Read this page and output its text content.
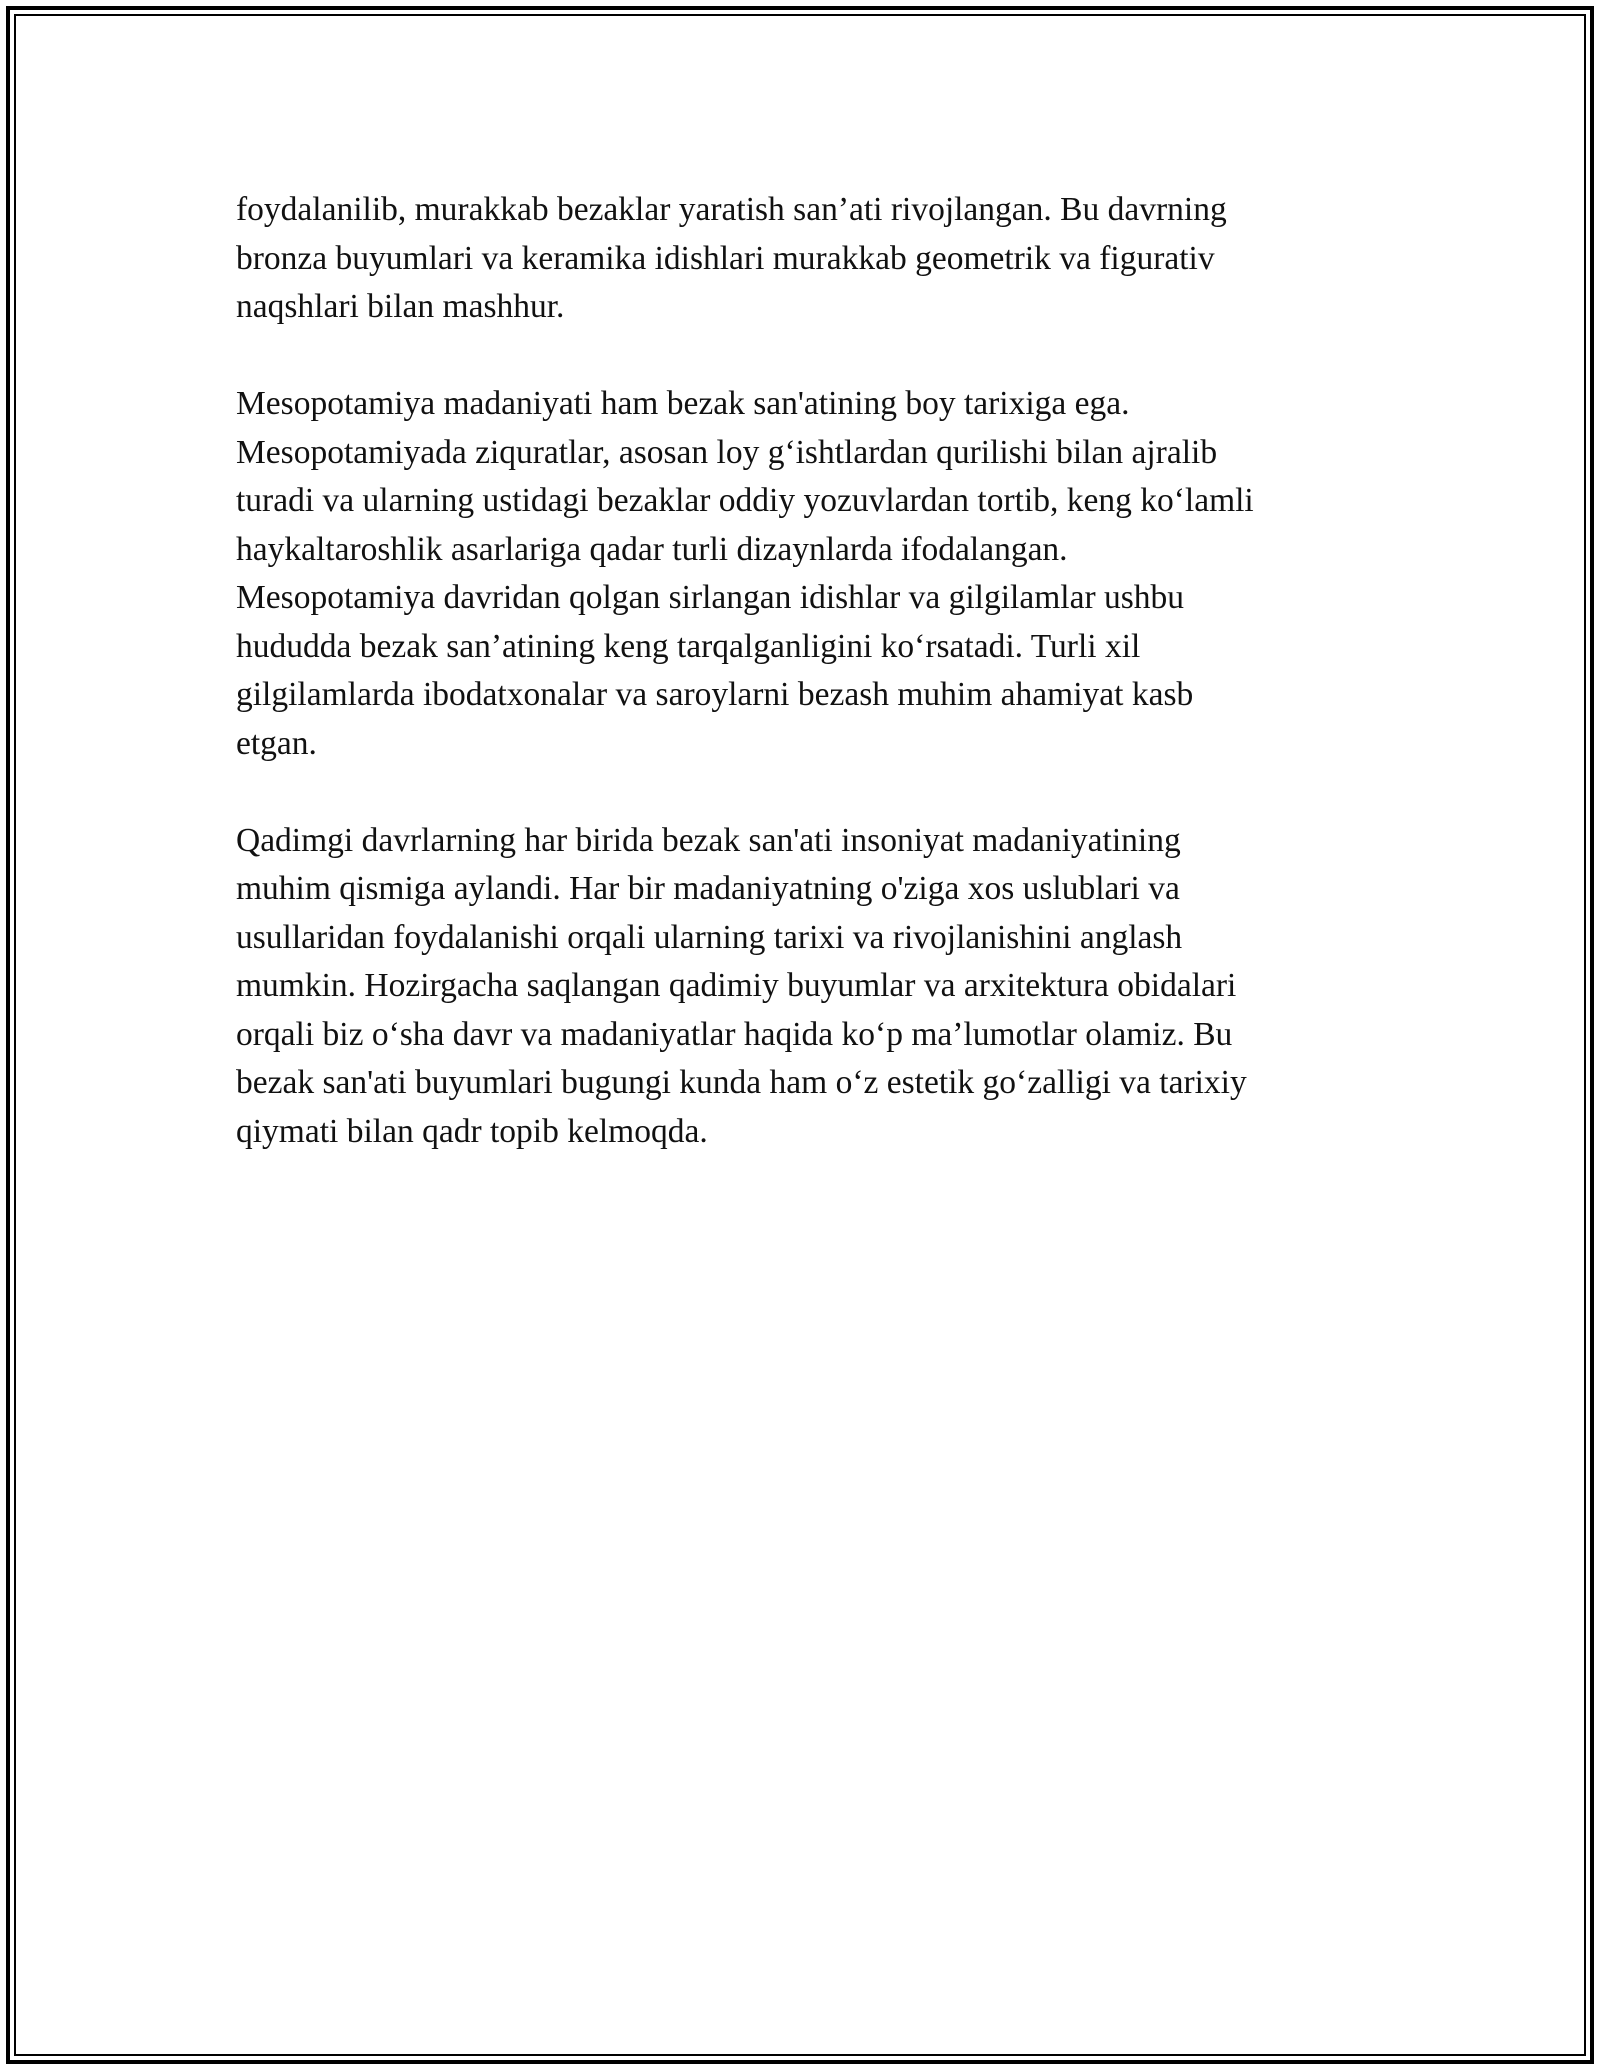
foydalanilib, murakkab bezaklar yaratish san’ati rivojlangan. Bu davrning
bronza buyumlari va keramika idishlari murakkab geometrik va figurativ
naqshlari bilan mashhur.

Mesopotamiya madaniyati ham bezak san'atining boy tarixiga ega.
Mesopotamiyada ziquratlar, asosan loy g‘ishtlardan qurilishi bilan ajralib
turadi va ularning ustidagi bezaklar oddiy yozuvlardan tortib, keng ko‘lamli
haykaltaroshlik asarlariga qadar turli dizaynlarda ifodalangan.
Mesopotamiya davridan qolgan sirlangan idishlar va gilgilamlar ushbu
hududda bezak san’atining keng tarqalganligini ko‘rsatadi. Turli xil
gilgilamlarda ibodatxonalar va saroylarni bezash muhim ahamiyat kasb
etgan.

Qadimgi davrlarning har birida bezak san'ati insoniyat madaniyatining
muhim qismiga aylandi. Har bir madaniyatning o'ziga xos uslublari va
usullaridan foydalanishi orqali ularning tarixi va rivojlanishini anglash
mumkin. Hozirgacha saqlangan qadimiy buyumlar va arxitektura obidalari
orqali biz o‘sha davr va madaniyatlar haqida ko‘p ma’lumotlar olamiz. Bu
bezak san'ati buyumlari bugungi kunda ham o‘z estetik go‘zalligi va tarixiy
qiymati bilan qadr topib kelmoqda.
